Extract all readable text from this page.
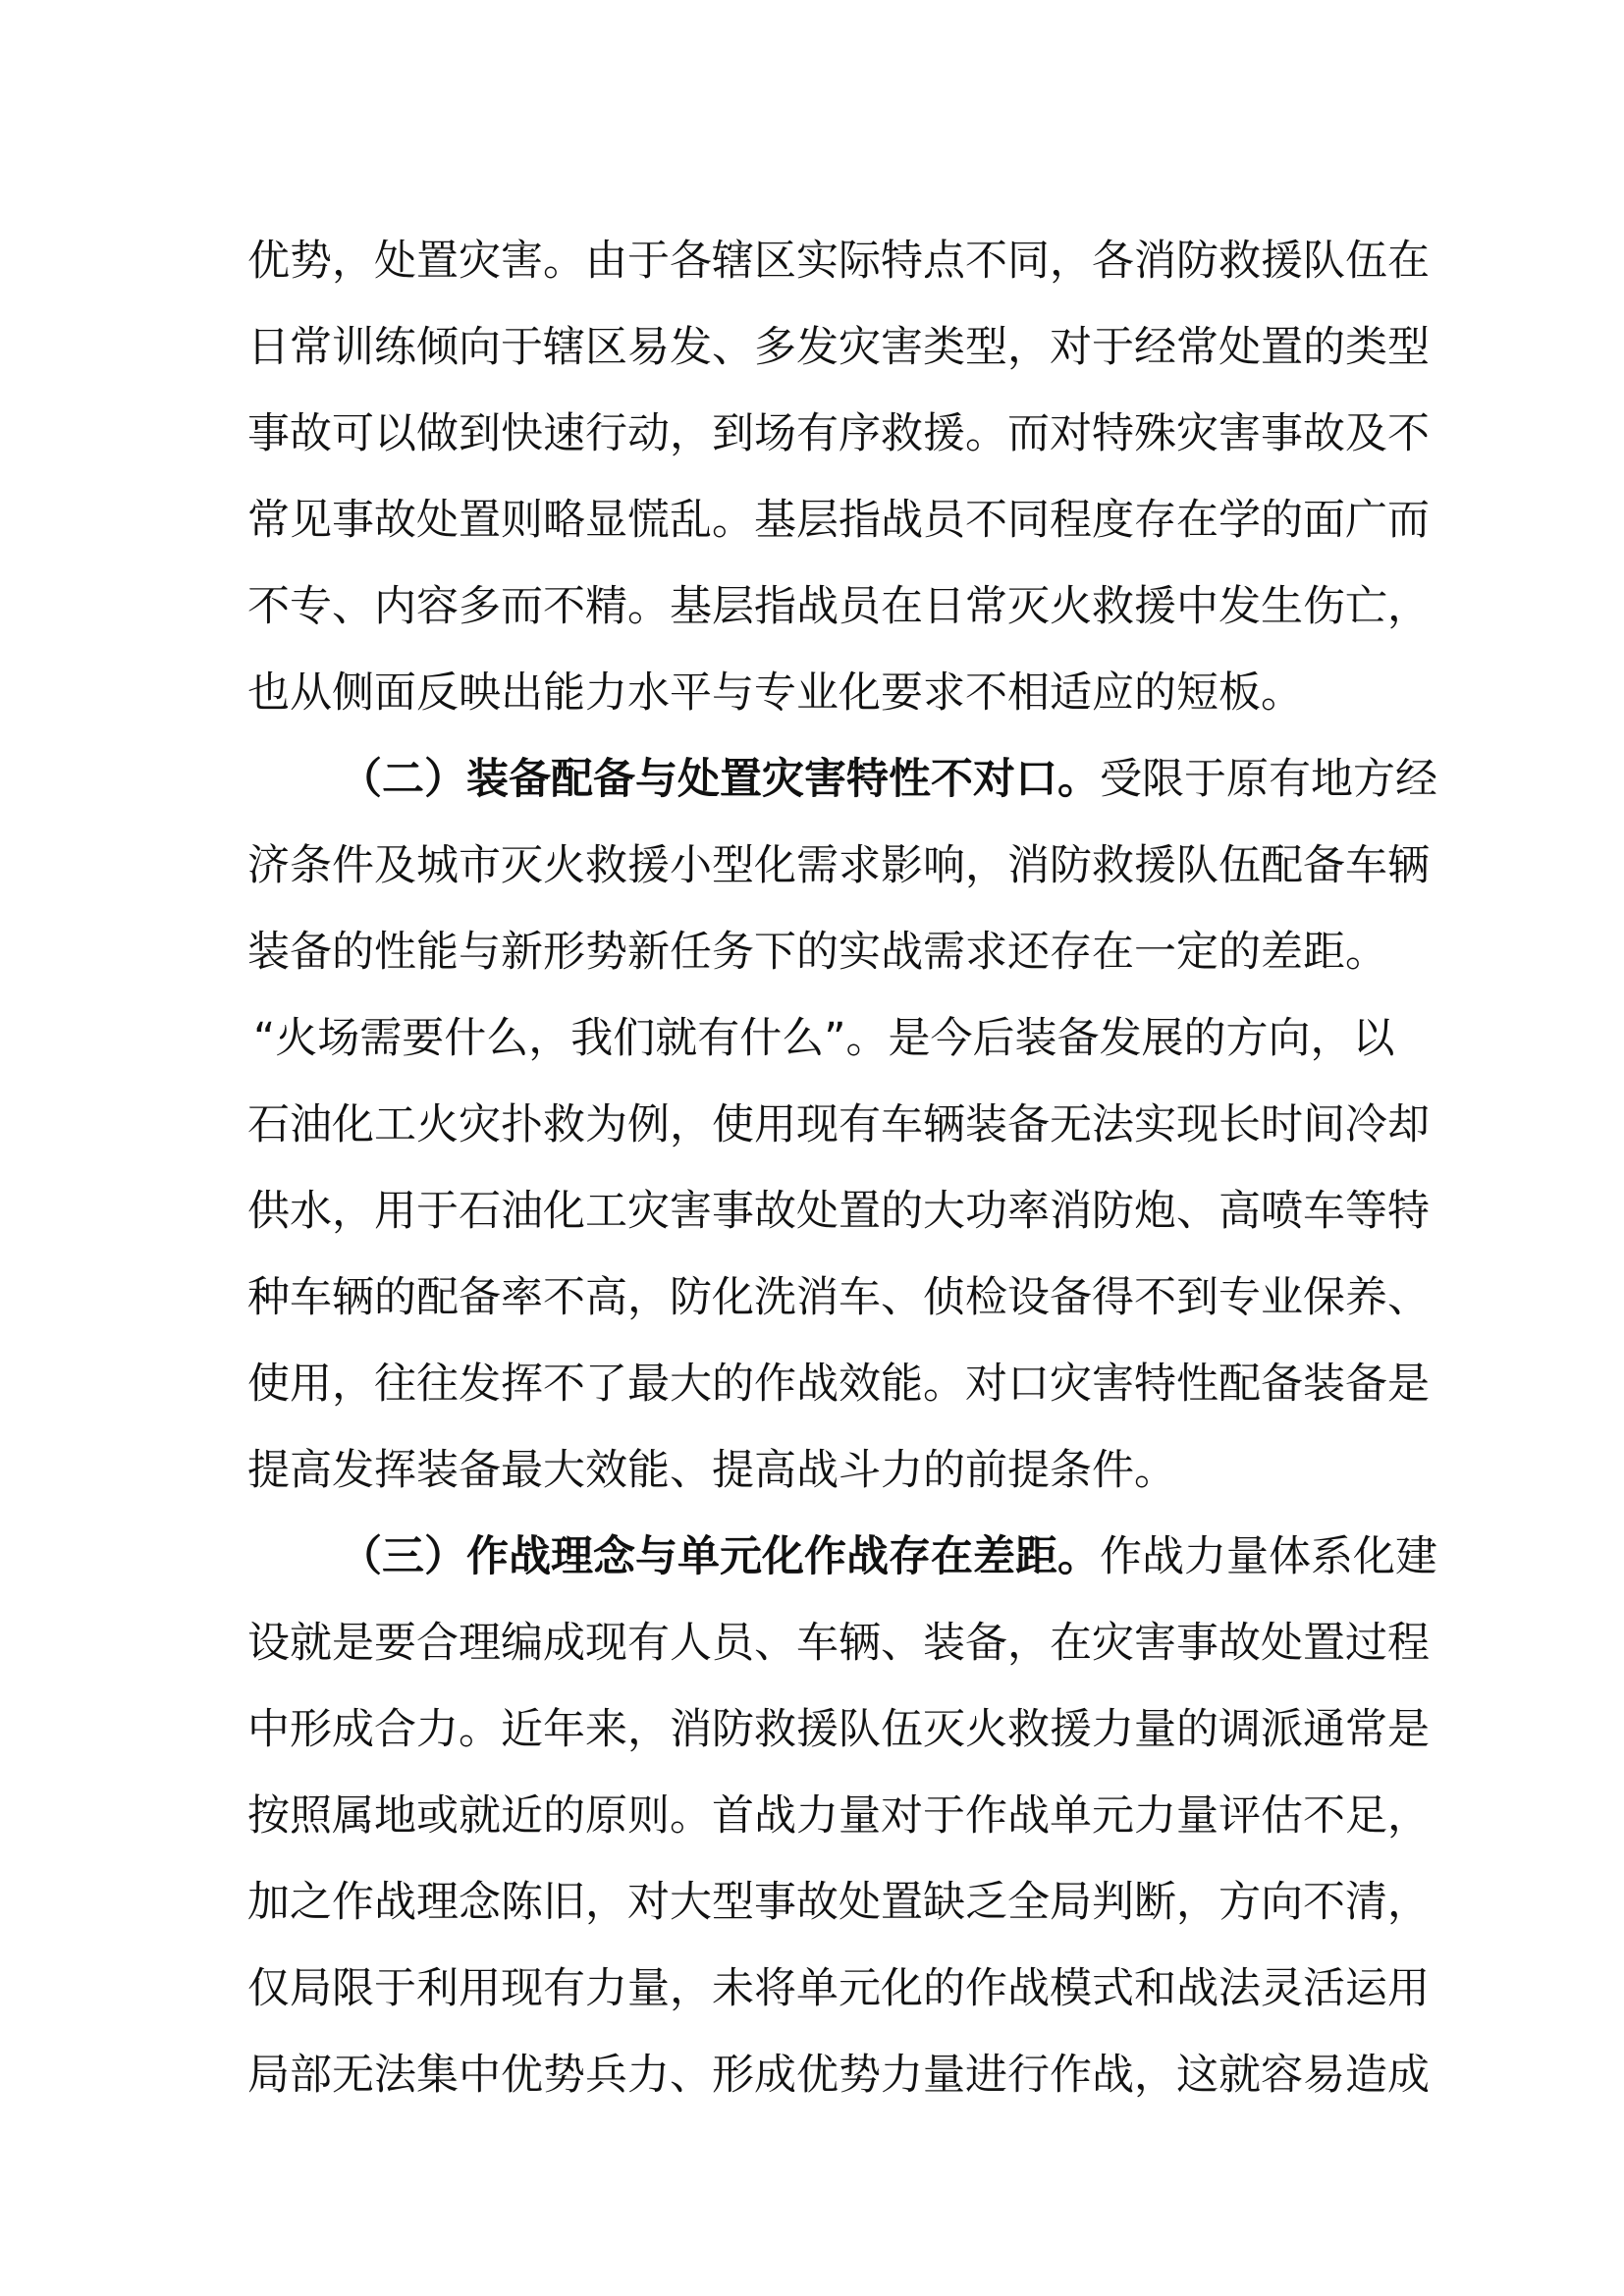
优势，处置灾害。由于各辖区实际特点不同，各消防救援队伍在
日常训练倾向于辖区易发、多发灾害类型，对于经常处置的类型
事故可以做到快速行动，到场有序救援。而对特殊灾害事故及不
常见事故处置则略显慌乱。基层指战员不同程度存在学的面广而
不专、内容多而不精。基层指战员在日常灭火救援中发生伤亡，
也从侧面反映出能力水平与专业化要求不相适应的短板。
（二）装备配备与处置灾害特性不对口。受限于原有地方经
济条件及城市灭火救援小型化需求影响，消防救援队伍配备车辆
装备的性能与新形势新任务下的实战需求还存在一定的差距。
“火场需要什么，我们就有什么”。是今后装备发展的方向，以
石油化工火灾扑救为例，使用现有车辆装备无法实现长时间冷却
供水，用于石油化工灾害事故处置的大功率消防炮、高喷车等特
种车辆的配备率不高，防化洗消车、侦检设备得不到专业保养、
使用，往往发挥不了最大的作战效能。对口灾害特性配备装备是
提高发挥装备最大效能、提高战斗力的前提条件。
（三）作战理念与单元化作战存在差距。作战力量体系化建
设就是要合理编成现有人员、车辆、装备，在灾害事故处置过程
中形成合力。近年来，消防救援队伍灭火救援力量的调派通常是
按照属地或就近的原则。首战力量对于作战单元力量评估不足，
加之作战理念陈旧，对大型事故处置缺乏全局判断，方向不清，
仅局限于利用现有力量，未将单元化的作战模式和战法灵活运用
局部无法集中优势兵力、形成优势力量进行作战，这就容易造成
